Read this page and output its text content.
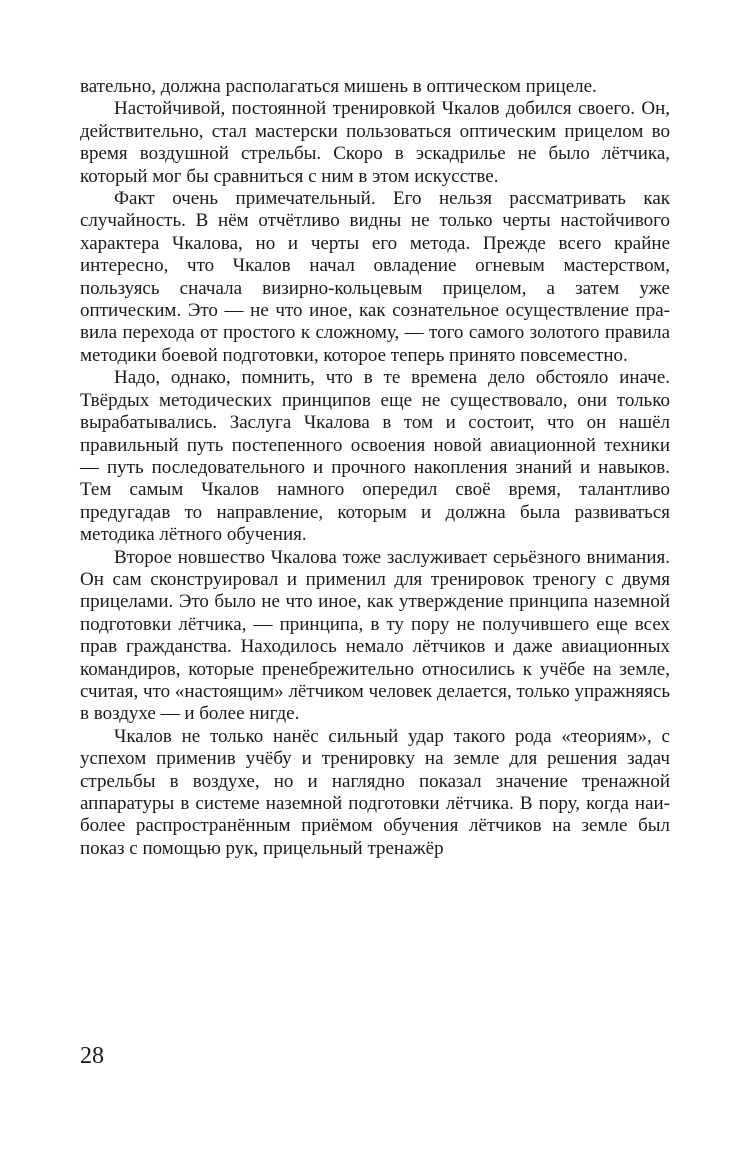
вательно, должна располагаться мишень в оптическом прицеле.

Настойчивой, постоянной тренировкой Чкалов добился своего. Он, действительно, стал мастерски пользоваться оптическим прицелом во время воздушной стрельбы. Скоро в эскадрилье не было лётчика, который мог бы сравниться с ним в этом искусстве.

Факт очень примечательный. Его нельзя рассматривать как случайность. В нём отчётливо видны не только черты настойчивого характера Чкалова, но и черты его метода. Прежде всего крайне интересно, что Чкалов начал овладение огневым мастерством, пользуясь сначала визирно-кольцевым прицелом, а затем уже оптическим. Это — не что иное, как сознательное осуществление правила перехода от простого к сложному, — того самого золотого правила методики боевой подготовки, которое теперь принято повсеместно.

Надо, однако, помнить, что в те времена дело обстояло иначе. Твёрдых методических принципов еще не существовало, они только вырабатывались. Заслуга Чкалова в том и состоит, что он нашёл правильный путь постепенного освоения новой авиационной техники — путь последовательного и прочного накопления знаний и навыков. Тем самым Чкалов намного опередил своё время, талантливо предугадав то направление, которым и должна была развиваться методика лётного обучения.

Второе новшество Чкалова тоже заслуживает серьёзного внимания. Он сам сконструировал и применил для тренировок треногу с двумя прицелами. Это было не что иное, как утверждение принципа наземной подготовки лётчика, — принципа, в ту пору не получившего еще всех прав гражданства. Находилось немало лётчиков и даже авиационных командиров, которые пренебрежительно относились к учёбе на земле, считая, что «настоящим» лётчиком человек делается, только упражняясь в воздухе — и более нигде.

Чкалов не только нанёс сильный удар такого рода «теориям», с успехом применив учёбу и тренировку на земле для решения задач стрельбы в воздухе, но и наглядно показал значение тренажной аппаратуры в системе наземной подготовки лётчика. В пору, когда наиболее распространённым приёмом обучения лётчиков на земле был показ с помощью рук, прицельный тренажёр

28
